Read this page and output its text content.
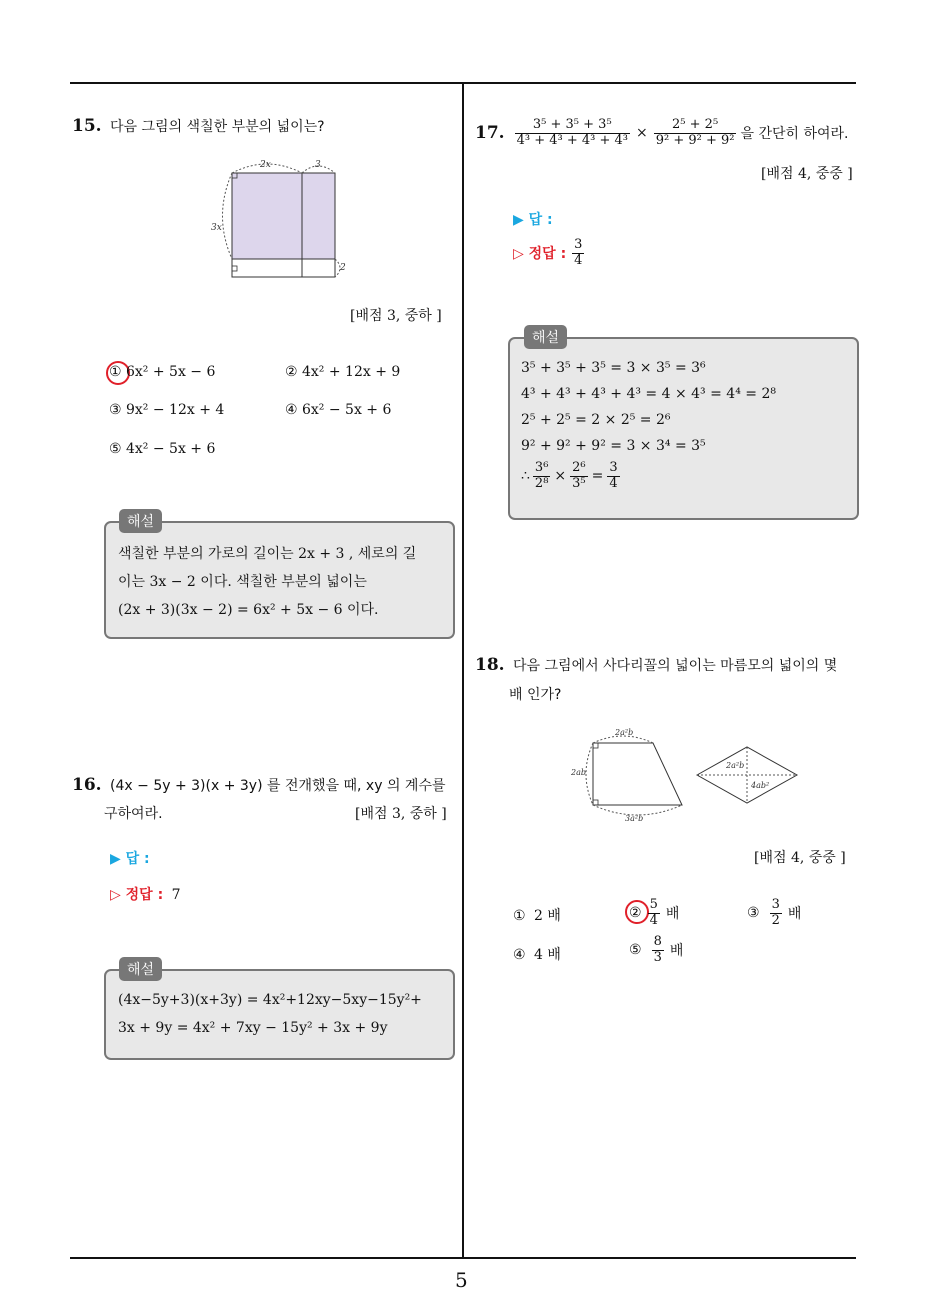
5
15. 다음 그림의 색칠한 부분의 넓이는?
2x	3
3x
2
[배점 3, 중하 ]
① 6x² + 5x − 6	② 4x² + 12x + 9
③ 9x² − 12x + 4	④ 6x² − 5x + 6
⑤ 4x² − 5x + 6
해설
색칠한 부분의 가로의 길이는 2x + 3 , 세로의 길
이는 3x − 2 이다. 색칠한 부분의 넓이는
(2x + 3)(3x − 2) = 6x² + 5x − 6 이다.
16. (4x − 5y + 3)(x + 3y) 를 전개했을 때, xy 의 계수를
구하여라.	[배점 3, 중하 ]
▶ 답 :
▷ 정답 : 7
해설
(4x−5y+3)(x+3y) = 4x²+12xy−5xy−15y²+
3x + 9y = 4x² + 7xy − 15y² + 3x + 9y
17. $\frac{\text{3⁵ + 3⁵ + 3⁵}}{\text{4³ + 4³ + 4³ + 4³}} \times \frac{\text{2⁵ + 2⁵}}{\text{9² + 9² + 9²}}$ 을 간단히 하여라.
[배점 4, 중중 ]
▶ 답 :
▷ 정답 : $\frac{3}{4}$
해설
3⁵ + 3⁵ + 3⁵ = 3 × 3⁵ = 3⁶
4³ + 4³ + 4³ + 4³ = 4 × 4³ = 4⁴ = 2⁸
2⁵ + 2⁵ = 2 × 2⁵ = 2⁶
9² + 9² + 9² = 3 × 3⁴ = 3⁵
∴ $\frac{\text{3⁶}}{\text{2⁸}} \times \frac{\text{2⁶}}{\text{3⁵}} = \frac{3}{4}$
18. 다음 그림에서 사다리꼴의 넓이는 마름모의 넓이의 몇
배 인가?
2a²b
2ab
3a²b
2a²b
4ab²
[배점 4, 중중 ]
① 2 배	② $\frac{5}{4}$ 배	③ $\frac{3}{2}$ 배
④ 4 배	⑤ $\frac{8}{3}$ 배
